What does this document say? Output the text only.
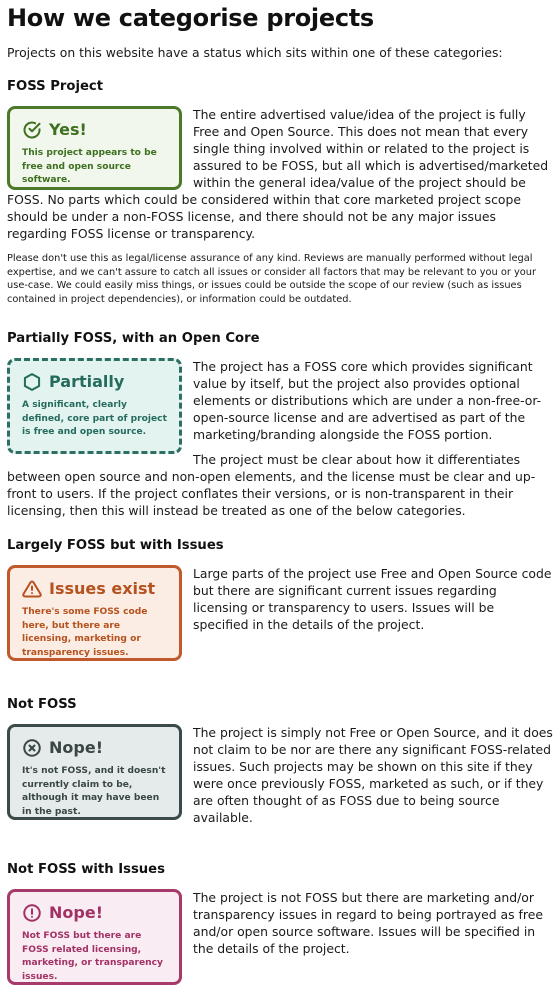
How we categorise projects

Projects on this website have a status which sits within one of these categories:

FOSS Project
Yes!
This project appears to be free and open source software.

The entire advertised value/idea of the project is fully Free and Open Source. This does not mean that every single thing involved within or related to the project is assured to be FOSS, but all which is advertised/marketed within the general idea/value of the project should be FOSS. No parts which could be considered within that core marketed project scope should be under a non-FOSS license, and there should not be any major issues regarding FOSS license or transparency.

Please don't use this as legal/license assurance of any kind. Reviews are manually performed without legal expertise, and we can't assure to catch all issues or consider all factors that may be relevant to you or your use-case. We could easily miss things, or issues could be outside the scope of our review (such as issues contained in project dependencies), or information could be outdated.

Partially FOSS, with an Open Core
Partially
A significant, clearly defined, core part of project is free and open source.

The project has a FOSS core which provides significant value by itself, but the project also provides optional elements or distributions which are under a non-free-or-open-source license and are advertised as part of the marketing/branding alongside the FOSS portion.

The project must be clear about how it differentiates between open source and non-open elements, and the license must be clear and up-front to users. If the project conflates their versions, or is non-transparent in their licensing, then this will instead be treated as one of the below categories.

Largely FOSS but with Issues
Issues exist
There's some FOSS code here, but there are licensing, marketing or transparency issues.

Large parts of the project use Free and Open Source code but there are significant current issues regarding licensing or transparency to users. Issues will be specified in the details of the project.

Not FOSS
Nope!
It's not FOSS, and it doesn't currently claim to be, although it may have been in the past.

The project is simply not Free or Open Source, and it does not claim to be nor are there any significant FOSS-related issues. Such projects may be shown on this site if they were once previously FOSS, marketed as such, or if they are often thought of as FOSS due to being source available.

Not FOSS with Issues
Nope!
Not FOSS but there are FOSS related licensing, marketing, or transparency issues.

The project is not FOSS but there are marketing and/or transparency issues in regard to being portrayed as free and/or open source software. Issues will be specified in the details of the project.
